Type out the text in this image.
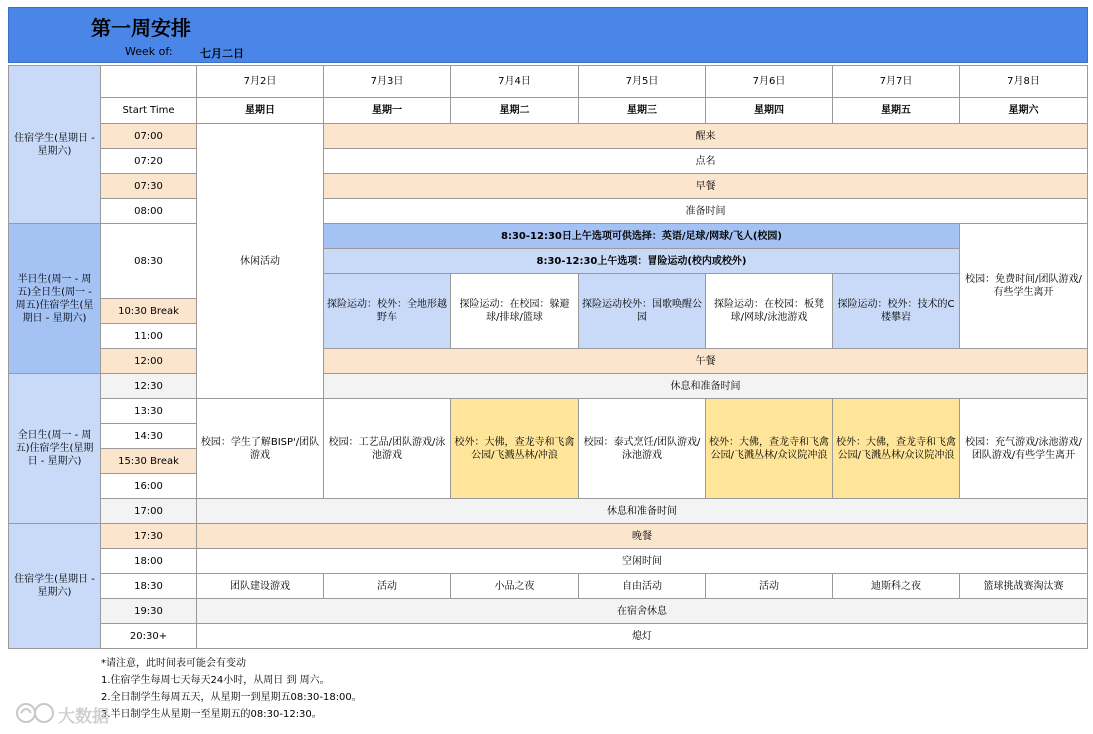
第一周安排
Week of: 七月二日
住宿学生(星期日 - 星期六)		7月2日	7月3日	7月4日	7月5日	7月6日	7月7日	7月8日
	Start Time	星期日	星期一	星期二	星期三	星期四	星期五	星期六
	07:00	休闲活动	醒来					
	07:20		点名					
	07:30		早餐					
	08:00		准备时间					
半日生(周一 - 周五)全日生(周一 - 周五)住宿学生(星期日 - 星期六)	08:30		8:30-12:30日上午选项可供选择：英语/足球/网球/飞人(校园)					校园：免费时间/团队游戏/有些学生离开
			8:30-12:30上午选项：冒险运动(校内或校外)					
			探险运动：校外：全地形越野车	探险运动：在校园：躲避球/排球/篮球	探险运动校外：国歌唤醒公园	探险运动：在校园：板凳球/网球/泳池游戏	探险运动：校外：技术的C楼攀岩	
	10:30 Break							
	11:00							
	12:00		午餐					
全日生(周一 - 周五)住宿学生(星期日 - 星期六)	12:30		休息和准备时间					
	13:30	校园：学生了解BISP'/团队游戏	校园：工艺品/团队游戏/泳池游戏	校外：大佛，查龙寺和飞禽公园/飞溅丛林/冲浪	校园：泰式烹饪/团队游戏/泳池游戏	校外：大佛，查龙寺和飞禽公园/飞溅丛林/众议院冲浪	校外：大佛，查龙寺和飞禽公园/飞溅丛林/众议院冲浪	校园：充气游戏/泳池游戏/团队游戏/有些学生离开
	14:30							
	15:30 Break							
	16:00							
	17:00	休息和准备时间						
住宿学生(星期日 - 星期六)	17:30	晚餐						
	18:00	空闲时间						
	18:30	团队建设游戏	活动	小品之夜	自由活动	活动	迪斯科之夜	篮球挑战赛淘汰赛
	19:30	在宿舍休息						
	20:30+	熄灯						
*请注意，此时间表可能会有变动
1.住宿学生每周七天每天24小时，从周日 到 周六。
2.全日制学生每周五天，从星期一到星期五08:30-18:00。
3.半日制学生从星期一至星期五的08:30-12:30。
大数据
